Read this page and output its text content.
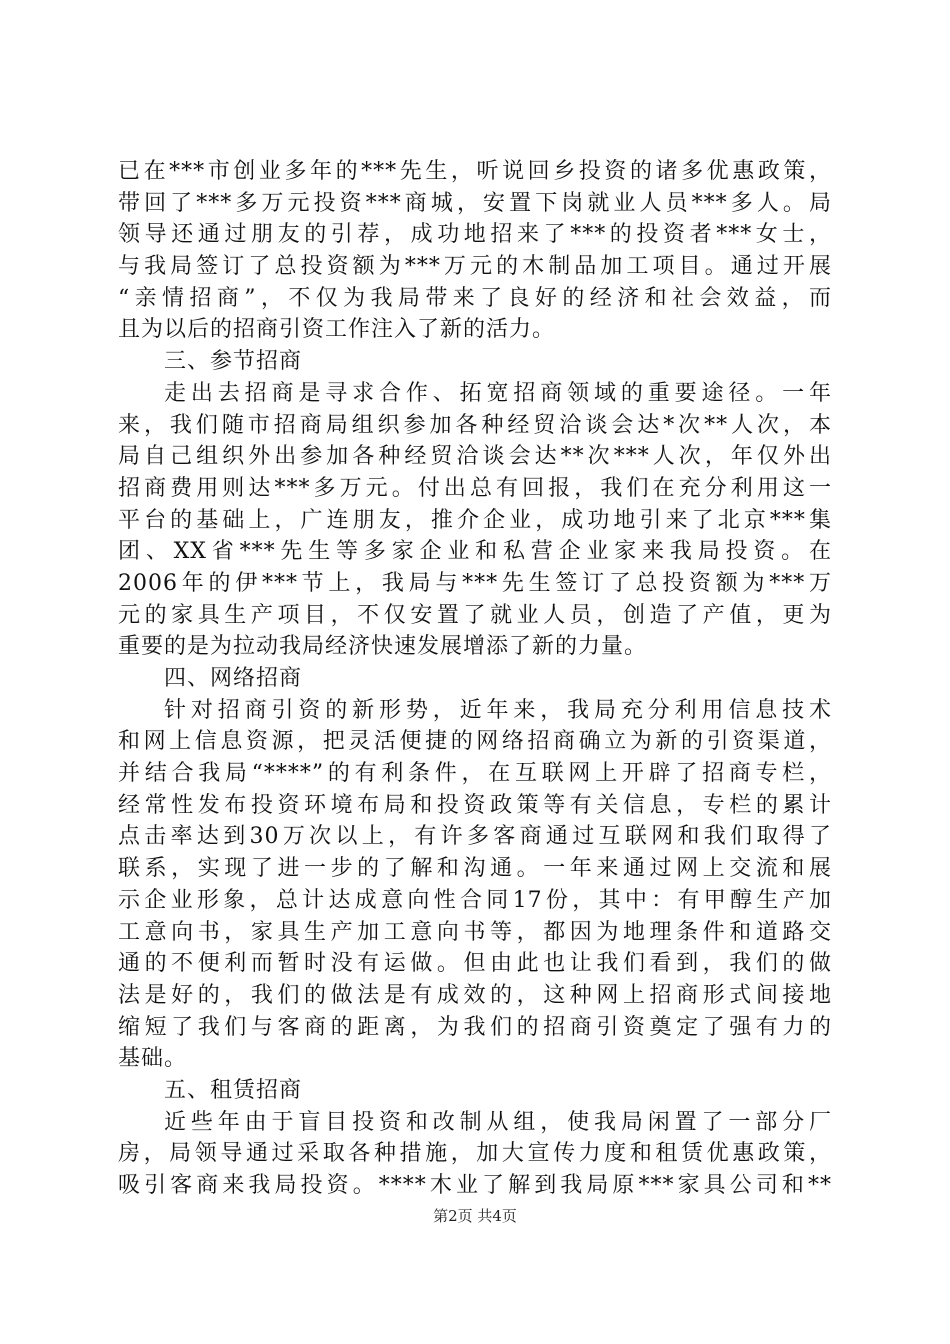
已在***市创业多年的***先生，听说回乡投资的诸多优惠政策，
带回了***多万元投资***商城，安置下岗就业人员***多人。局
领导还通过朋友的引荐，成功地招来了***的投资者***女士，
与我局签订了总投资额为***万元的木制品加工项目。通过开展
“亲情招商”，不仅为我局带来了良好的经济和社会效益，而
且为以后的招商引资工作注入了新的活力。
三、参节招商
走出去招商是寻求合作、拓宽招商领域的重要途径。一年
来，我们随市招商局组织参加各种经贸洽谈会达*次**人次，本
局自己组织外出参加各种经贸洽谈会达**次***人次，年仅外出
招商费用则达***多万元。付出总有回报，我们在充分利用这一
平台的基础上，广连朋友，推介企业，成功地引来了北京***集
团、XX省***先生等多家企业和私营企业家来我局投资。在
2006年的伊***节上，我局与***先生签订了总投资额为***万
元的家具生产项目，不仅安置了就业人员，创造了产值，更为
重要的是为拉动我局经济快速发展增添了新的力量。
四、网络招商
针对招商引资的新形势，近年来，我局充分利用信息技术
和网上信息资源，把灵活便捷的网络招商确立为新的引资渠道，
并结合我局“****”的有利条件，在互联网上开辟了招商专栏，
经常性发布投资环境布局和投资政策等有关信息，专栏的累计
点击率达到30万次以上，有许多客商通过互联网和我们取得了
联系，实现了进一步的了解和沟通。一年来通过网上交流和展
示企业形象，总计达成意向性合同17份，其中：有甲醇生产加
工意向书，家具生产加工意向书等，都因为地理条件和道路交
通的不便利而暂时没有运做。但由此也让我们看到，我们的做
法是好的，我们的做法是有成效的，这种网上招商形式间接地
缩短了我们与客商的距离，为我们的招商引资奠定了强有力的
基础。
五、租赁招商
近些年由于盲目投资和改制从组，使我局闲置了一部分厂
房，局领导通过采取各种措施，加大宣传力度和租赁优惠政策，
吸引客商来我局投资。****木业了解到我局原***家具公司和**
第2页 共4页
